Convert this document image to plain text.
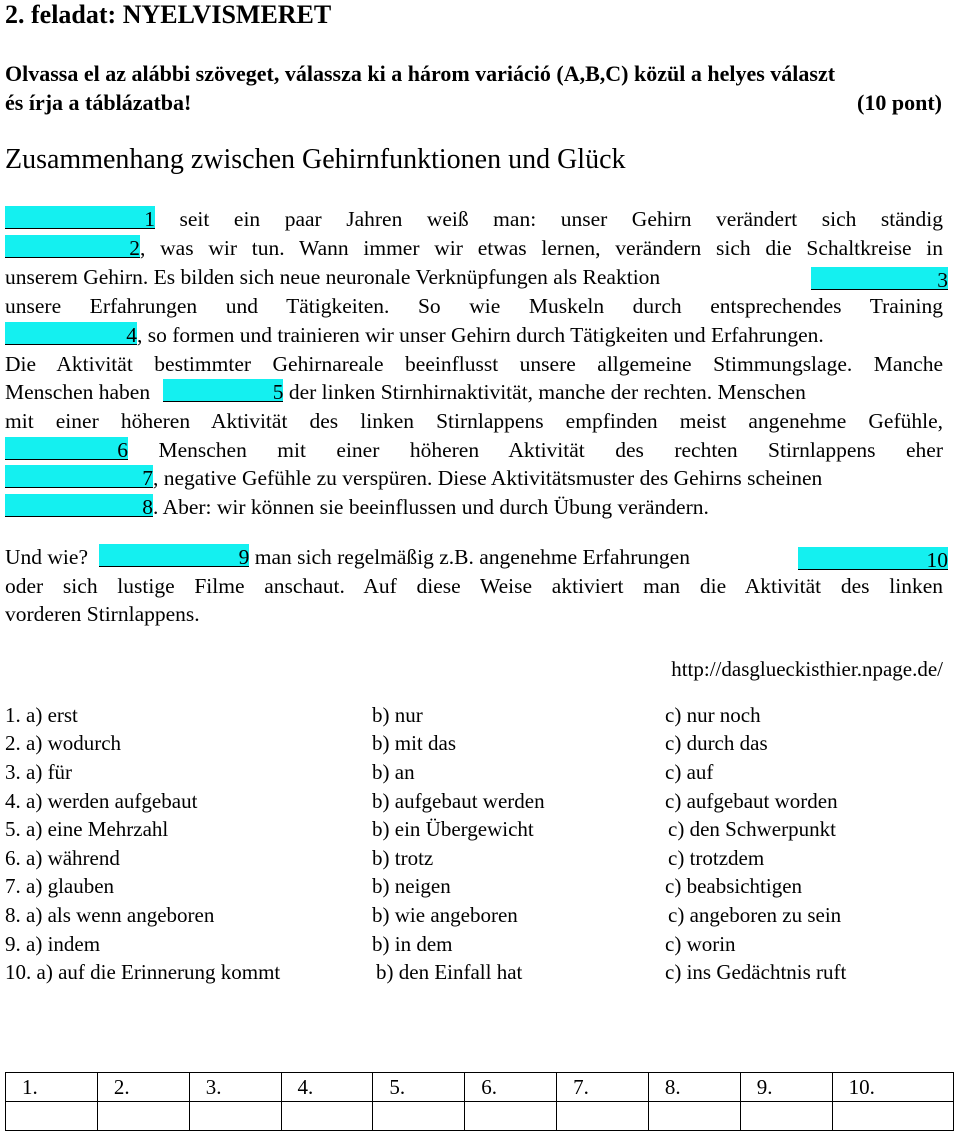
2. feladat: NYELVISMERET
Olvassa el az alábbi szöveget, válassza ki a három variáció (A,B,C) közül a helyes választ
és írja a táblázatba!	(10 pont)
Zusammenhang zwischen Gehirnfunktionen und Glück
1 seit ein paar Jahren weiß man: unser Gehirn verändert sich ständig
2 , was wir tun. Wann immer wir etwas lernen, verändern sich die Schaltkreise in
unserem Gehirn. Es bilden sich neue neuronale Verknüpfungen als Reaktion	3
unsere Erfahrungen und Tätigkeiten. So wie Muskeln durch entsprechendes Training
4 , so formen und trainieren wir unser Gehirn durch Tätigkeiten und Erfahrungen.
Die Aktivität bestimmter Gehirnareale beeinflusst unsere allgemeine Stimmungslage. Manche
Menschen haben	5 der linken Stirnhirnaktivität, manche der rechten. Menschen
mit einer höheren Aktivität des linken Stirnlappens empfinden meist angenehme Gefühle,
6 Menschen mit einer höheren Aktivität des rechten Stirnlappens eher
7 , negative Gefühle zu verspüren. Diese Aktivitätsmuster des Gehirns scheinen
8 . Aber: wir können sie beeinflussen und durch Übung verändern.
Und wie?	9 man sich regelmäßig z.B. angenehme Erfahrungen	10
oder sich lustige Filme anschaut. Auf diese Weise aktiviert man die Aktivität des linken
vorderen Stirnlappens.
http://dasglueckisthier.npage.de/
1. a) erst	b) nur	c) nur noch
2. a) wodurch	b) mit das	c) durch das
3. a) für	b) an	c) auf
4. a) werden aufgebaut	b) aufgebaut werden	c) aufgebaut worden
5. a) eine Mehrzahl	b) ein Übergewicht	c) den Schwerpunkt
6. a) während	b) trotz	c) trotzdem
7. a) glauben	b) neigen	c) beabsichtigen
8. a) als wenn angeboren	b) wie angeboren	c) angeboren zu sein
9. a) indem	b) in dem	c) worin
10. a) auf die Erinnerung kommt	b) den Einfall hat	c) ins Gedächtnis ruft
1.	2.	3.	4.	5.	6.	7.	8.	9.	10.
